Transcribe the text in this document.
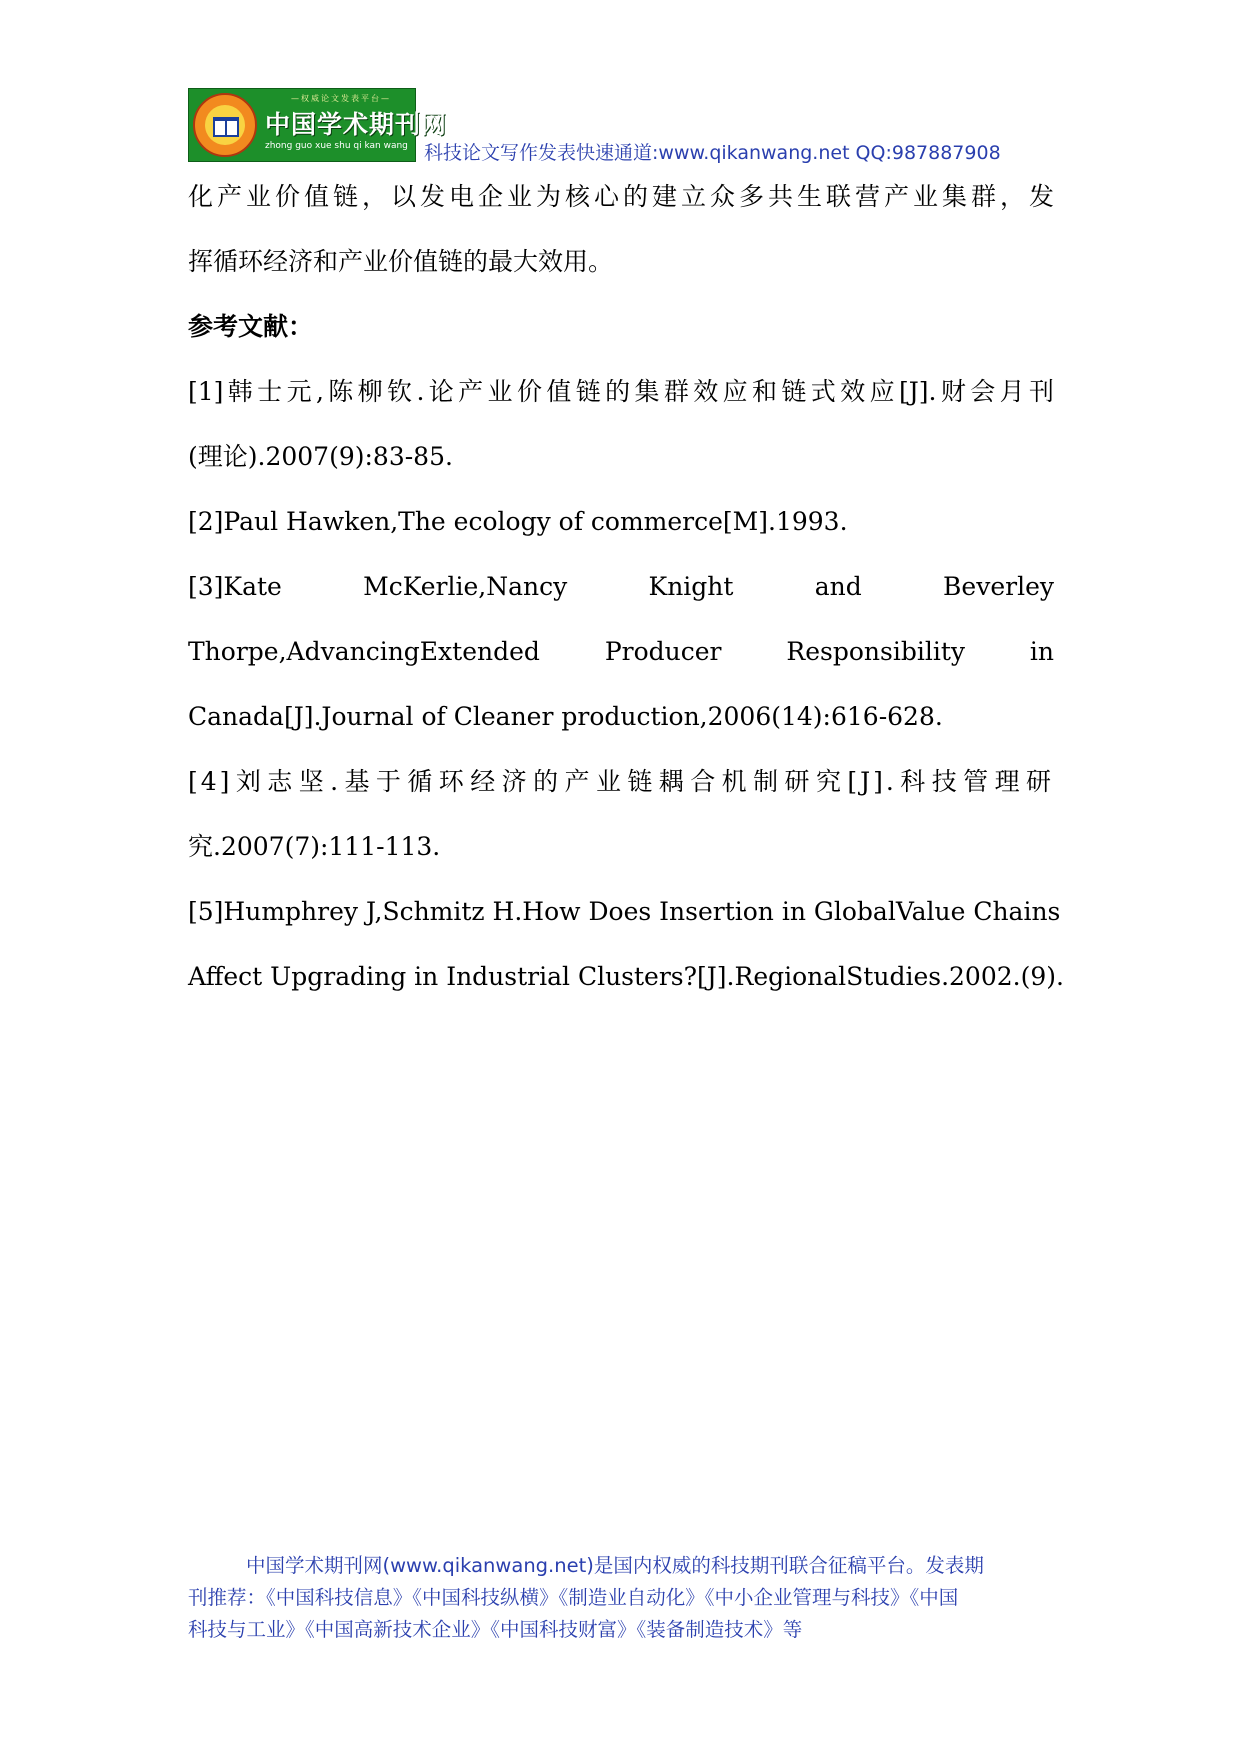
—权威论文发表平台—
中国学术期刊网
zhong guo xue shu qi kan wang 科技论文写作发表快速通道:www.qikanwang.net QQ:987887908
化产业价值链，以发电企业为核心的建立众多共生联营产业集群，发
挥循环经济和产业价值链的最大效用。
参考文献：
[1]韩士元,陈柳钦.论产业价值链的集群效应和链式效应[J].财会月刊
(理论).2007(9):83-85.
[2]Paul Hawken,The ecology of commerce[M].1993.
[3]Kate McKerlie,Nancy Knight and Beverley
Thorpe,AdvancingExtended Producer Responsibility in
Canada[J].Journal of Cleaner production,2006(14):616-628.
[4]刘志坚.基于循环经济的产业链耦合机制研究[J].科技管理研
究.2007(7):111-113.
[5]Humphrey J,Schmitz H.How Does Insertion in GlobalValue Chains
Affect Upgrading in Industrial Clusters?[J].RegionalStudies.2002.(9).
中国学术期刊网(www.qikanwang.net)是国内权威的科技期刊联合征稿平台。发表期
刊推荐：《中国科技信息》《中国科技纵横》《制造业自动化》《中小企业管理与科技》《中国
科技与工业》《中国高新技术企业》《中国科技财富》《装备制造技术》等
